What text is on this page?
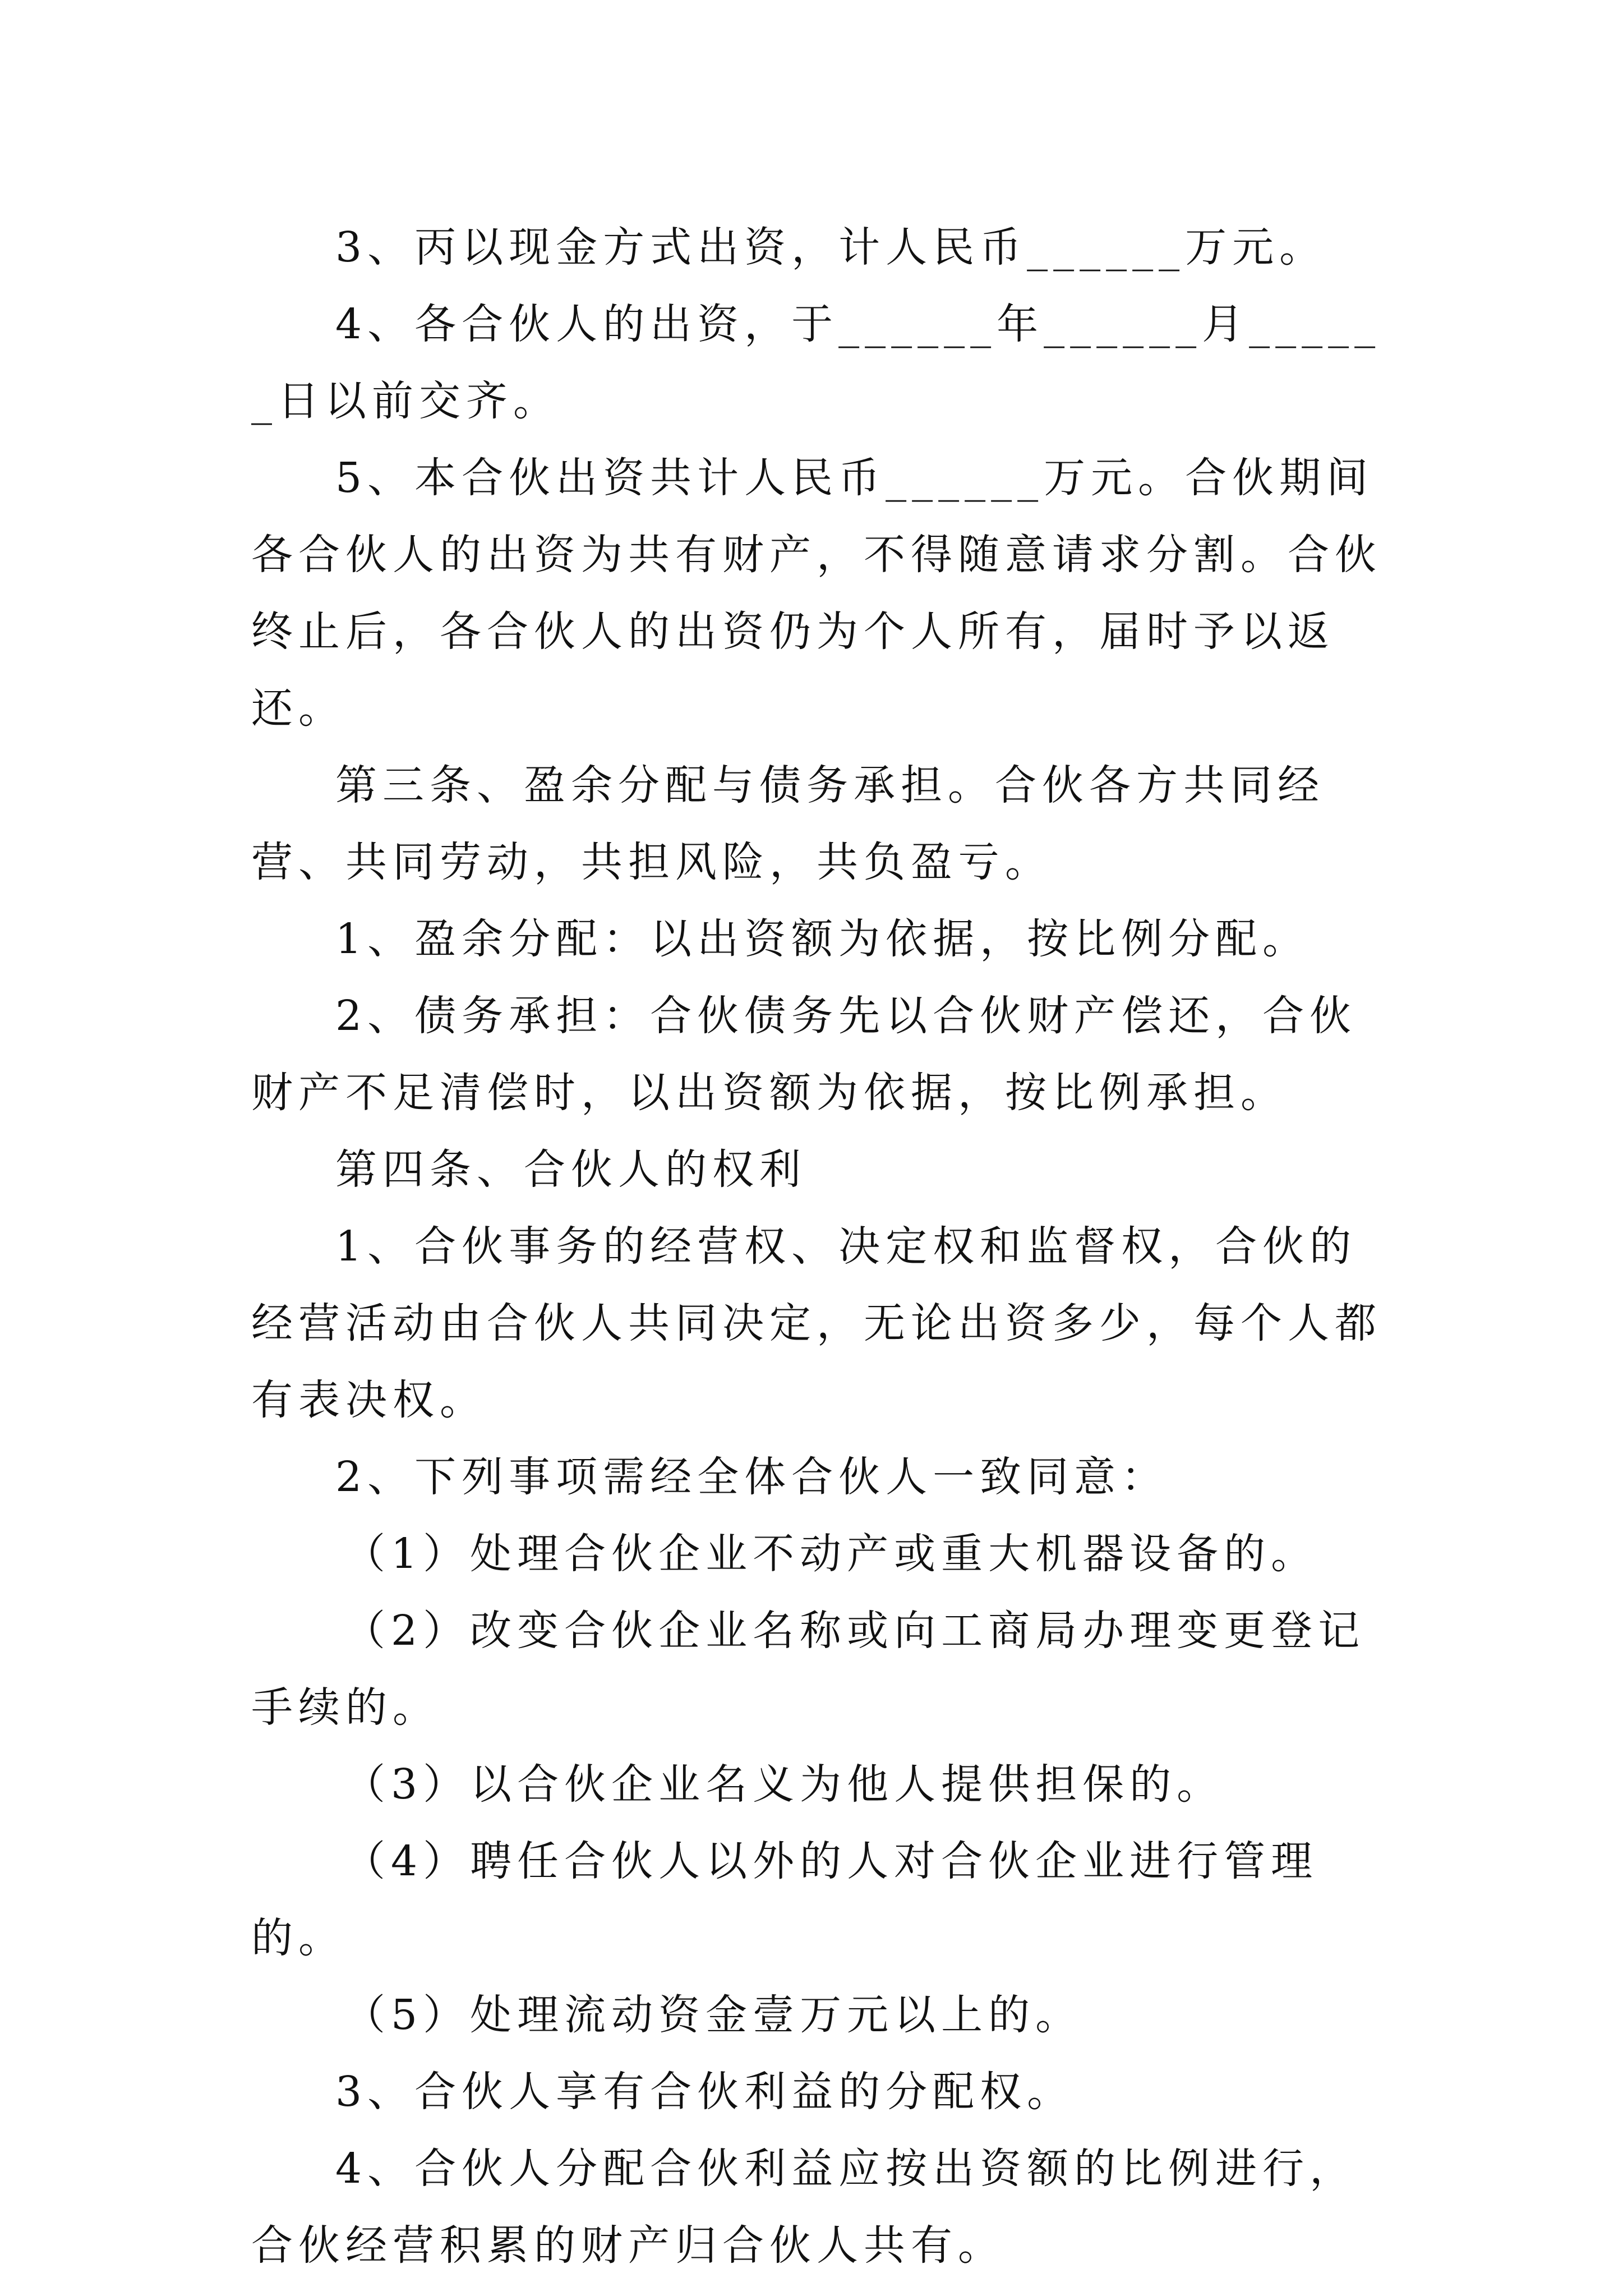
3、丙以现金方式出资，计人民币______万元。

4、各合伙人的出资，于______年______月______日以前交齐。

5、本合伙出资共计人民币______万元。合伙期间各合伙人的出资为共有财产，不得随意请求分割。合伙终止后，各合伙人的出资仍为个人所有，届时予以返还。

第三条、盈余分配与债务承担。合伙各方共同经营、共同劳动，共担风险，共负盈亏。

1、盈余分配：以出资额为依据，按比例分配。

2、债务承担：合伙债务先以合伙财产偿还，合伙财产不足清偿时，以出资额为依据，按比例承担。

第四条、合伙人的权利

1、合伙事务的经营权、决定权和监督权，合伙的经营活动由合伙人共同决定，无论出资多少，每个人都有表决权。

2、下列事项需经全体合伙人一致同意：

（1）处理合伙企业不动产或重大机器设备的。

（2）改变合伙企业名称或向工商局办理变更登记手续的。

（3）以合伙企业名义为他人提供担保的。

（4）聘任合伙人以外的人对合伙企业进行管理的。

（5）处理流动资金壹万元以上的。

3、合伙人享有合伙利益的分配权。

4、合伙人分配合伙利益应按出资额的比例进行，合伙经营积累的财产归合伙人共有。
